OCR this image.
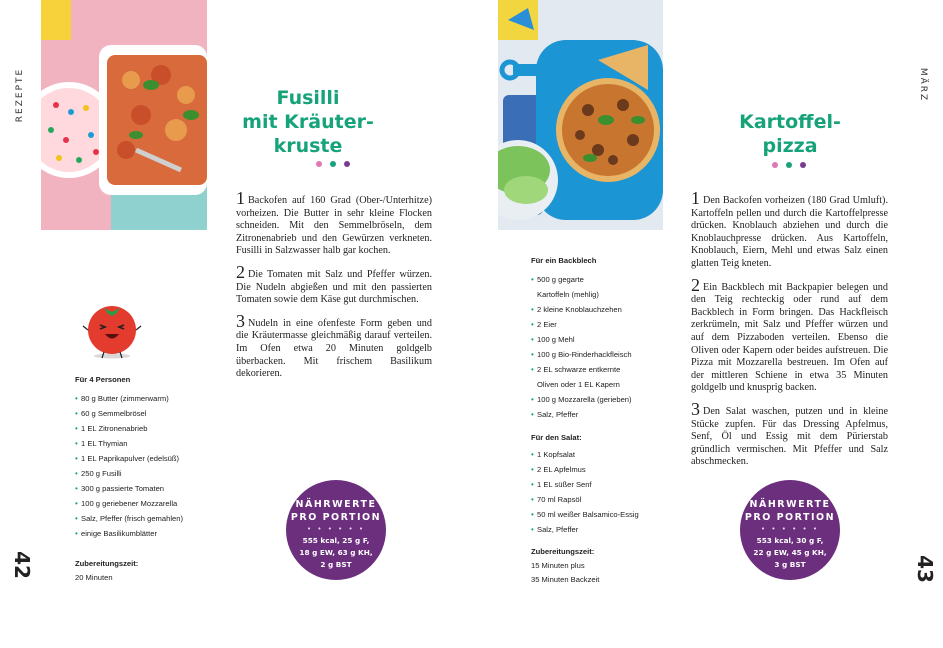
REZEPTE
42
Fusilli
mit Kräuter-
kruste

1 Backofen auf 160 Grad (Ober-/Unterhitze) vorheizen. Die Butter in sehr kleine Flocken schneiden. Mit den Semmelbröseln, dem Zitronenabrieb und den Gewürzen verkneten. Fusilli in Salzwasser halb gar kochen.

2 Die Tomaten mit Salz und Pfeffer würzen. Die Nudeln abgießen und mit den passierten Tomaten sowie dem Käse gut durchmischen.

3 Nudeln in eine ofenfeste Form geben und die Kräutermasse gleichmäßig darauf verteilen. Im Ofen etwa 20 Minuten goldgelb überbacken. Mit frischem Basilikum dekorieren.

Für 4 Personen
• 80 g Butter (zimmerwarm)
• 60 g Semmelbrösel
• 1 EL Zitronenabrieb
• 1 EL Thymian
• 1 EL Paprikapulver (edelsüß)
• 250 g Fusilli
• 300 g passierte Tomaten
• 100 g geriebener Mozzarella
• Salz, Pfeffer (frisch gemahlen)
• einige Basilikumblätter
Zubereitungszeit:
20 Minuten
NÄHRWERTE
PRO PORTION
• • • • • •
555 kcal, 25 g F,
18 g EW, 63 g KH,
2 g BST
Für ein Backblech
• 500 g gegarte Kartoffeln (mehlig)
• 2 kleine Knoblauchzehen
• 2 Eier
• 100 g Mehl
• 100 g Bio-Rinderhackfleisch
• 2 EL schwarze entkernte Oliven oder 1 EL Kapern
• 100 g Mozzarella (gerieben)
• Salz, Pfeffer
Für den Salat:
• 1 Kopfsalat
• 2 EL Apfelmus
• 1 EL süßer Senf
• 70 ml Rapsöl
• 50 ml weißer Balsamico-Essig
• Salz, Pfeffer
Zubereitungszeit:
15 Minuten plus
35 Minuten Backzeit
Kartoffel-
pizza

1 Den Backofen vorheizen (180 Grad Umluft). Kartoffeln pellen und durch die Kartoffelpresse drücken. Knoblauch abziehen und durch die Knoblauchpresse drücken. Aus Kartoffeln, Knoblauch, Eiern, Mehl und etwas Salz einen glatten Teig kneten.

2 Ein Backblech mit Backpapier belegen und den Teig rechteckig oder rund auf dem Backblech in Form bringen. Das Hackfleisch zerkrümeln, mit Salz und Pfeffer würzen und auf dem Pizzaboden verteilen. Ebenso die Oliven oder Kapern oder beides aufstreuen. Die Pizza mit Mozzarella bestreuen. Im Ofen auf der mittleren Schiene in etwa 35 Minuten goldgelb und knusprig backen.

3 Den Salat waschen, putzen und in kleine Stücke zupfen. Für das Dressing Apfelmus, Senf, Öl und Essig mit dem Pürierstab gründlich vermischen. Mit Pfeffer und Salz abschmecken.

NÄHRWERTE
PRO PORTION
• • • • • •
553 kcal, 30 g F,
22 g EW, 45 g KH,
3 g BST
MÄRZ
43
